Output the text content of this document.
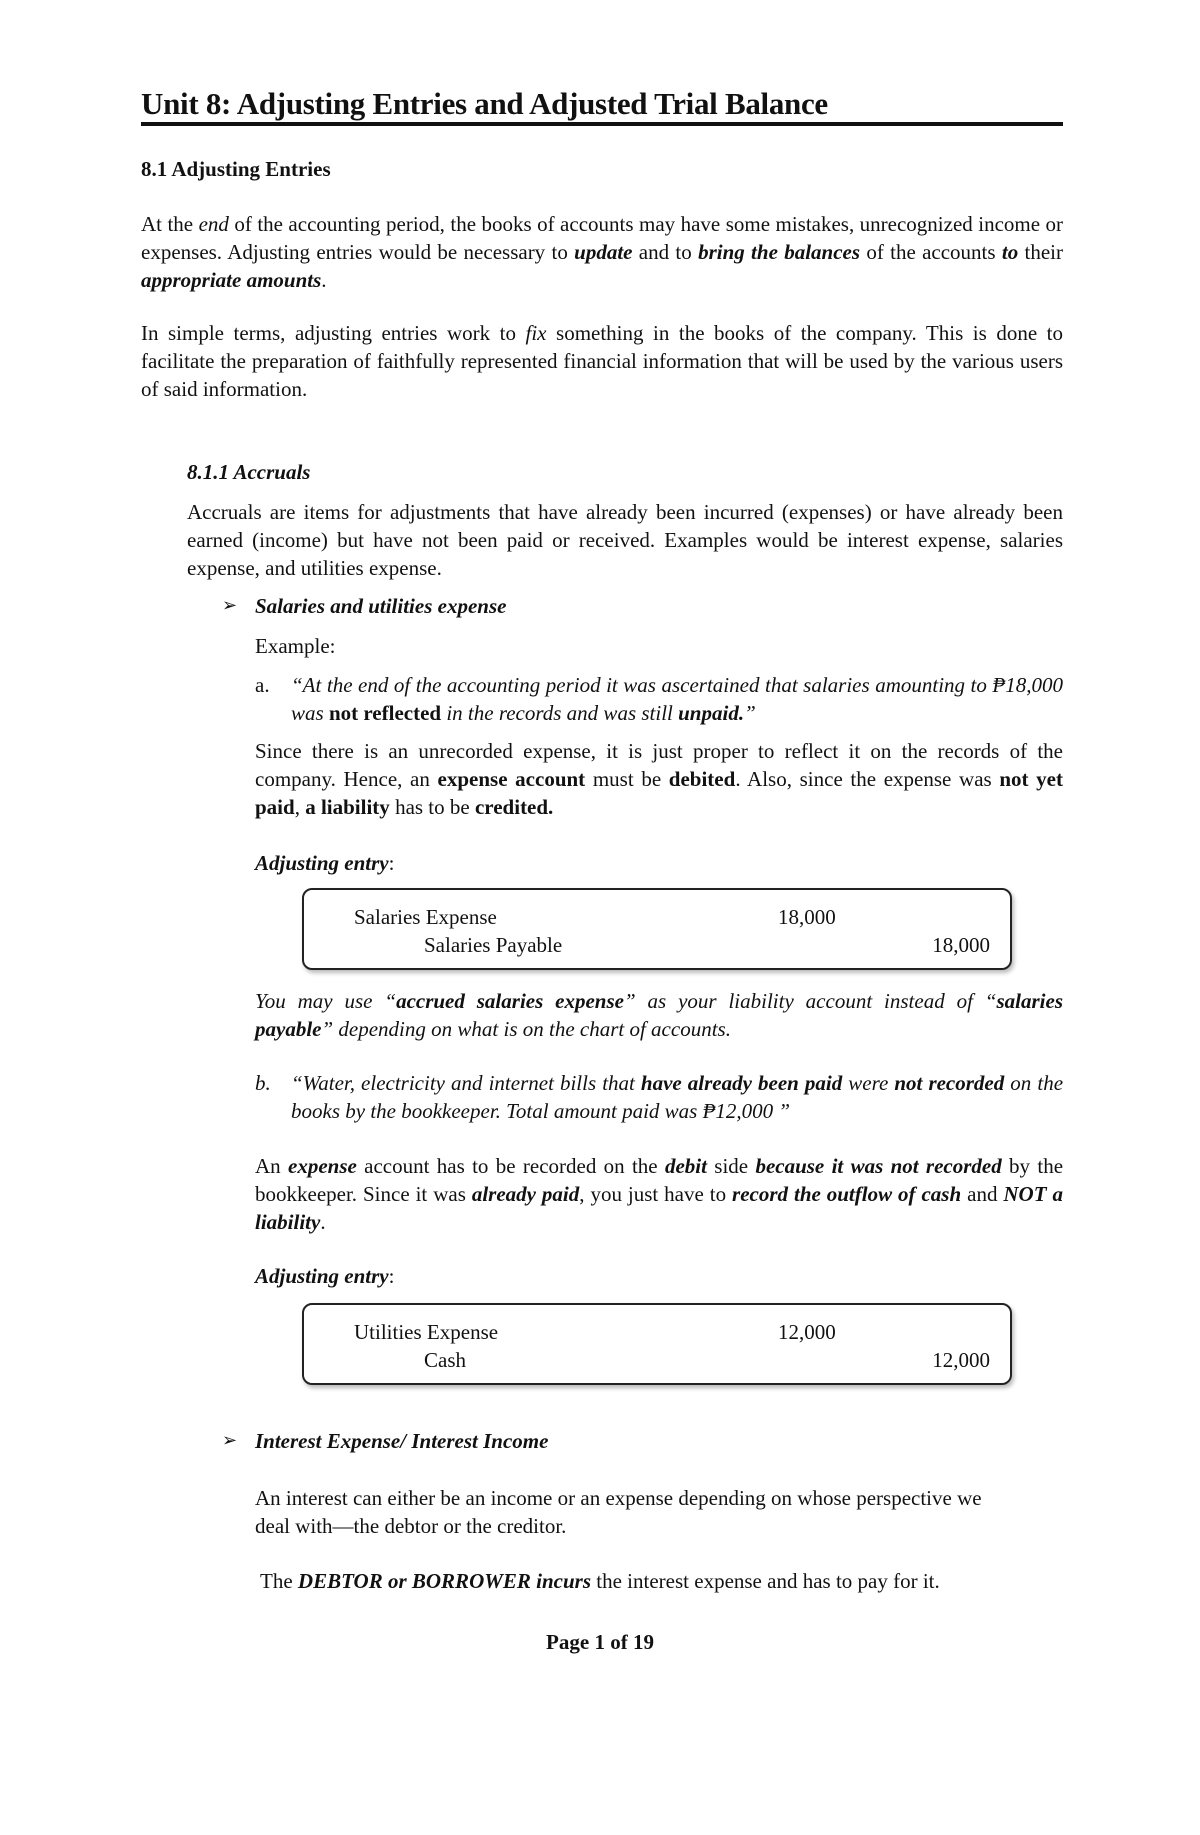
Unit 8: Adjusting Entries and Adjusted Trial Balance
8.1 Adjusting Entries
At the end of the accounting period, the books of accounts may have some mistakes, unrecognized income or expenses. Adjusting entries would be necessary to update and to bring the balances of the accounts to their appropriate amounts.
In simple terms, adjusting entries work to fix something in the books of the company. This is done to facilitate the preparation of faithfully represented financial information that will be used by the various users of said information.
8.1.1 Accruals
Accruals are items for adjustments that have already been incurred (expenses) or have already been earned (income) but have not been paid or received. Examples would be interest expense, salaries expense, and utilities expense.
➢ Salaries and utilities expense
Example:
a. “At the end of the accounting period it was ascertained that salaries amounting to ₱18,000 was not reflected in the records and was still unpaid.”
Since there is an unrecorded expense, it is just proper to reflect it on the records of the company. Hence, an expense account must be debited. Also, since the expense was not yet paid, a liability has to be credited.
Adjusting entry:
Salaries Expense	18,000
Salaries Payable	18,000
You may use “accrued salaries expense” as your liability account instead of “salaries payable” depending on what is on the chart of accounts.
b. “Water, electricity and internet bills that have already been paid were not recorded on the books by the bookkeeper. Total amount paid was ₱12,000 ”
An expense account has to be recorded on the debit side because it was not recorded by the bookkeeper. Since it was already paid, you just have to record the outflow of cash and NOT a liability.
Adjusting entry:
Utilities Expense	12,000
Cash	12,000
➢ Interest Expense/ Interest Income
An interest can either be an income or an expense depending on whose perspective we deal with—the debtor or the creditor.
The DEBTOR or BORROWER incurs the interest expense and has to pay for it.
Page 1 of 19
